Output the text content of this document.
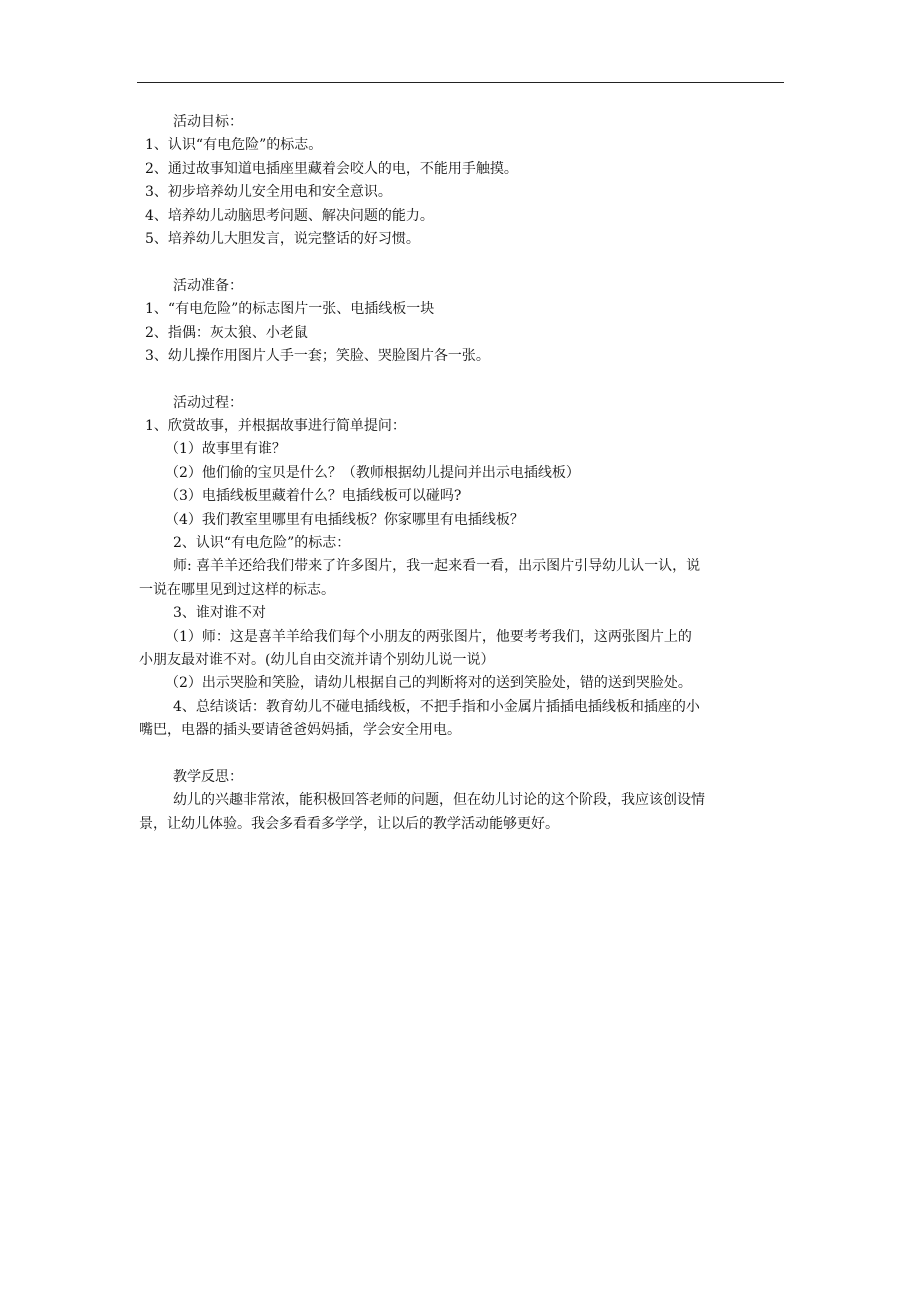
活动目标：
1、认识“有电危险”的标志。
2、通过故事知道电插座里藏着会咬人的电，不能用手触摸。
3、初步培养幼儿安全用电和安全意识。
4、培养幼儿动脑思考问题、解决问题的能力。
5、培养幼儿大胆发言，说完整话的好习惯。
活动准备：
1、“有电危险”的标志图片一张、电插线板一块
2、指偶：灰太狼、小老鼠
3、幼儿操作用图片人手一套；笑脸、哭脸图片各一张。
活动过程：
1、欣赏故事，并根据故事进行简单提问：
（1）故事里有谁？
（2）他们偷的宝贝是什么？（教师根据幼儿提问并出示电插线板）
（3）电插线板里藏着什么？电插线板可以碰吗?
（4）我们教室里哪里有电插线板？你家哪里有电插线板？
2、认识“有电危险”的标志：
师: 喜羊羊还给我们带来了许多图片，我一起来看一看，出示图片引导幼儿认一认，说
一说在哪里见到过这样的标志。
3、谁对谁不对
（1）师：这是喜羊羊给我们每个小朋友的两张图片，他要考考我们，这两张图片上的
小朋友最对谁不对。(幼儿自由交流并请个别幼儿说一说）
（2）出示哭脸和笑脸，请幼儿根据自己的判断将对的送到笑脸处，错的送到哭脸处。
4、总结谈话：教育幼儿不碰电插线板，不把手指和小金属片插插电插线板和插座的小
嘴巴，电器的插头要请爸爸妈妈插，学会安全用电。
教学反思：
幼儿的兴趣非常浓，能积极回答老师的问题，但在幼儿讨论的这个阶段，我应该创设情
景，让幼儿体验。我会多看看多学学，让以后的教学活动能够更好。
